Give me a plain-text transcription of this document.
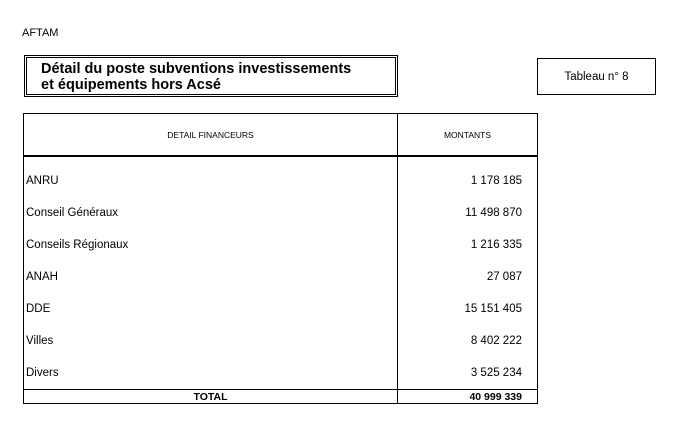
AFTAM
Détail du poste subventions investissements
et équipements hors Acsé
Tableau n° 8
DETAIL FINANCEURS	MONTANTS

ANRU	1 178 185
Conseil Généraux	11 498 870
Conseils Régionaux	1 216 335
ANAH	27 087
DDE	15 151 405
Villes	8 402 222
Divers	3 525 234
TOTAL	40 999 339
